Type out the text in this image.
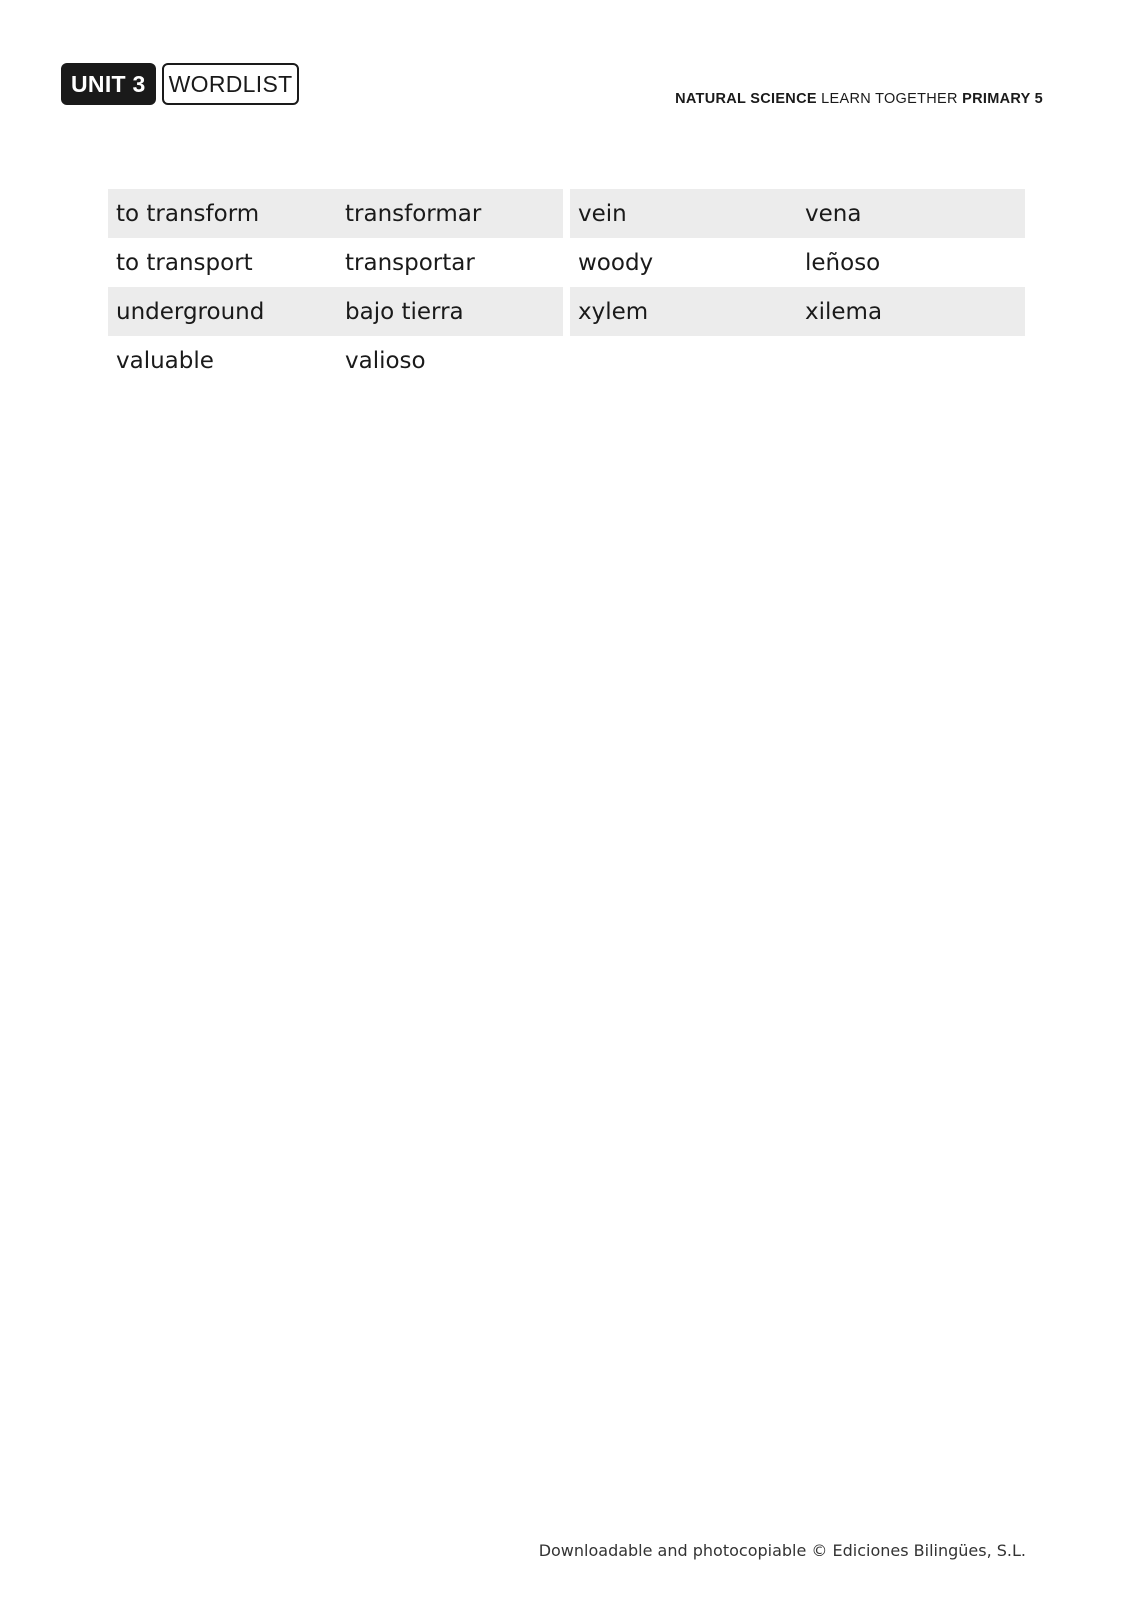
UNIT 3	WORDLIST
NATURAL SCIENCE LEARN TOGETHER PRIMARY 5
to transform	transformar
to transport	transportar
underground	bajo tierra
valuable	valioso
vein	vena
woody	leñoso
xylem	xilema
Downloadable and photocopiable © Ediciones Bilingües, S.L.
